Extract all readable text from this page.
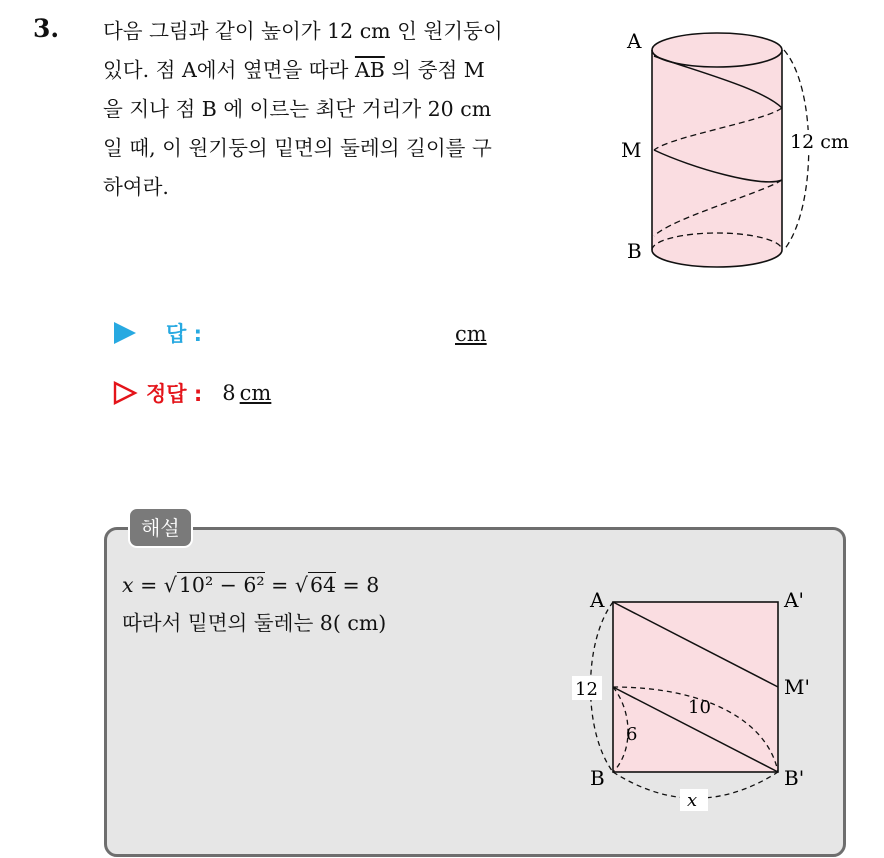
3. 다음 그림과 같이 높이가 12 cm 인 원기둥이
있다. 점 A에서 옆면을 따라 $\overline{AB}$ 의 중점 M
을 지나 점 B 에 이르는 최단 거리가 20 cm
일 때, 이 원기둥의 밑면의 둘레의 길이를 구
하여라.
12 cm
A
M
B
답 :	cm
정답 : 8 cm
해설
x = √10² − 6² = √64 = 8
따라서 밑면의 둘레는 8( cm)
12
10
6
x
A	A'
M'
B	B'
